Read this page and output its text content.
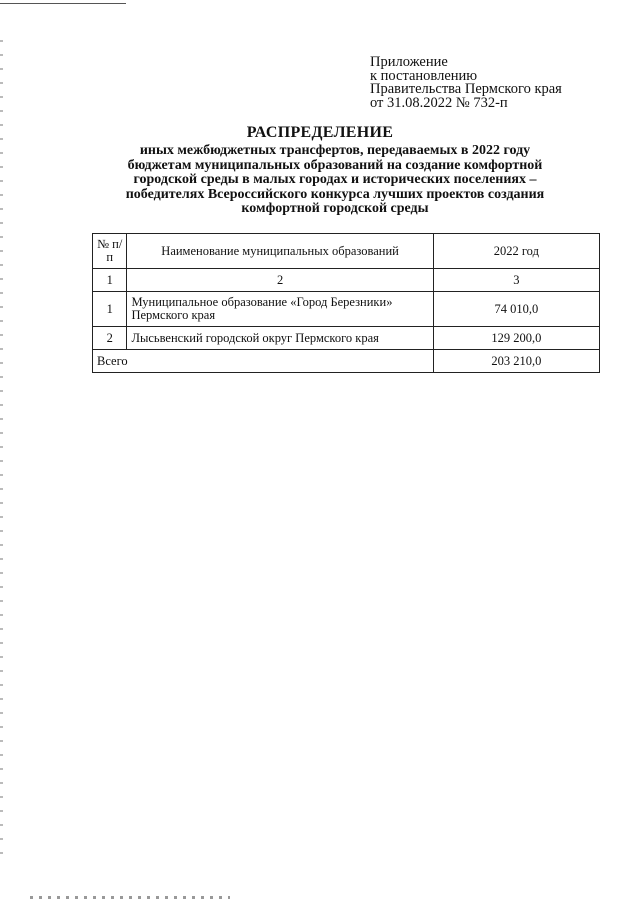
Приложение
к постановлению
Правительства Пермского края
от 31.08.2022 № 732-п
РАСПРЕДЕЛЕНИЕ
иных межбюджетных трансфертов, передаваемых в 2022 году
бюджетам муниципальных образований на создание комфортной
городской среды в малых городах и исторических поселениях –
победителях Всероссийского конкурса лучших проектов создания
комфортной городской среды
№ п/п	Наименование муниципальных образований	2022 год
1	2	3
1	Муниципальное образование «Город Березники» Пермского края	74 010,0
2	Лысьвенский городской округ Пермского края	129 200,0
Всего		203 210,0
